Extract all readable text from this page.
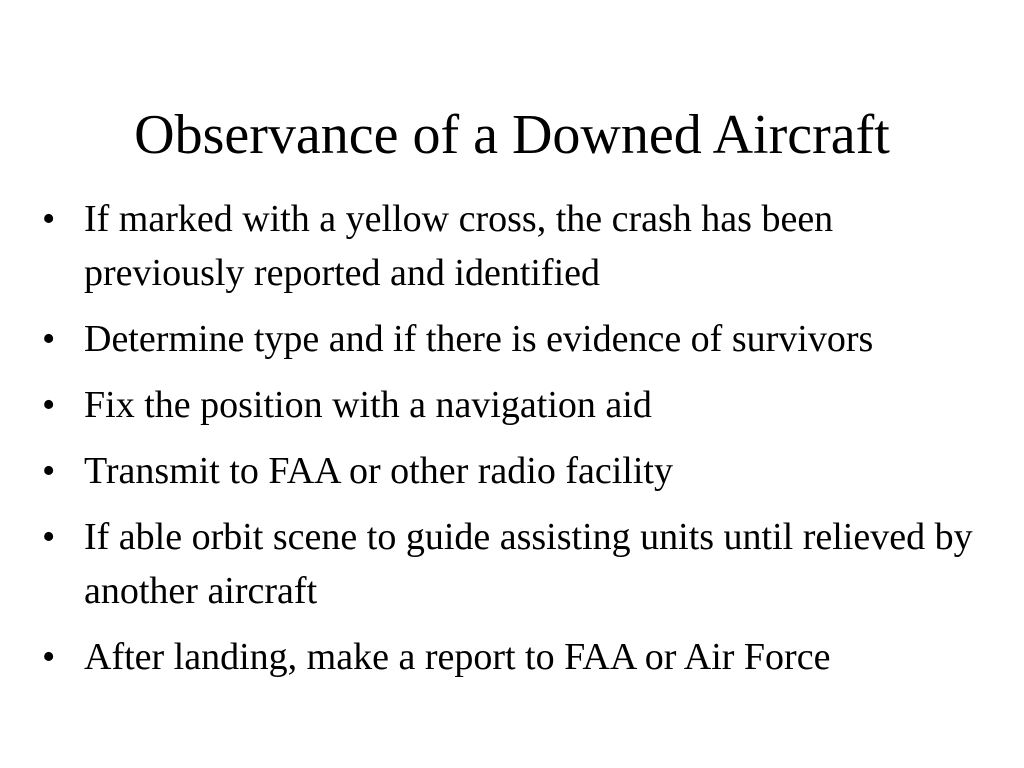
Observance of a Downed Aircraft
• If marked with a yellow cross, the crash has been previously reported and identified
• Determine type and if there is evidence of survivors
• Fix the position with a navigation aid
• Transmit to FAA or other radio facility
• If able orbit scene to guide assisting units until relieved by another aircraft
• After landing, make a report to FAA or Air Force
